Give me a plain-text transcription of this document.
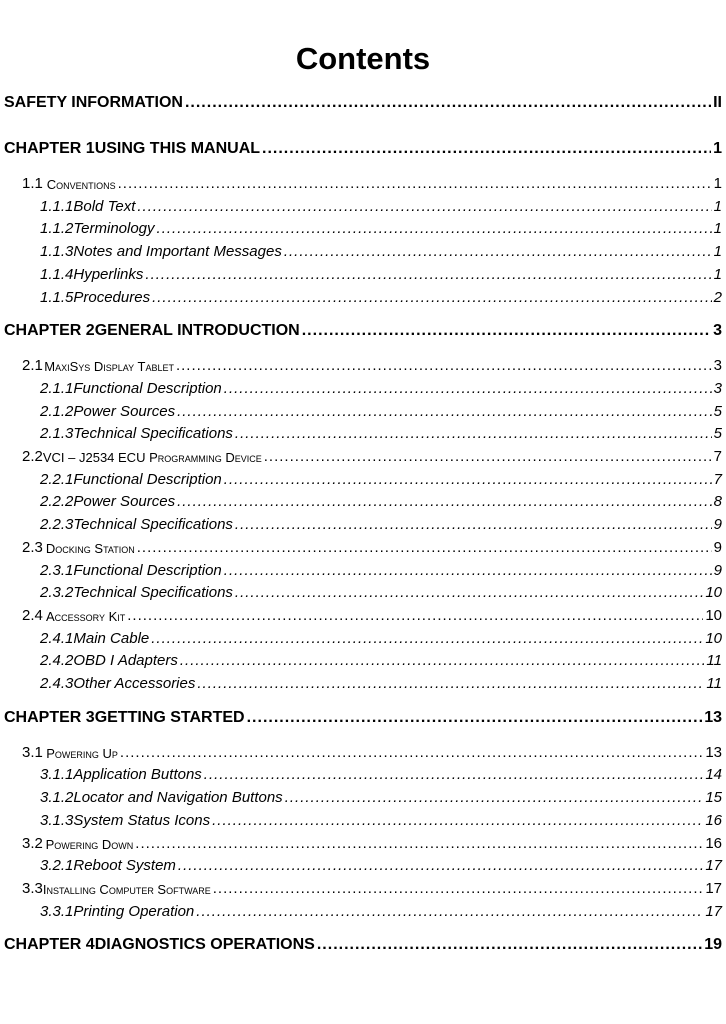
Contents
SAFETY INFORMATION .....	II
CHAPTER 1 USING THIS MANUAL .....	1
1.1 Conventions .....	1
1.1.1 Bold Text .....	1
1.1.2 Terminology .....	1
1.1.3 Notes and Important Messages .....	1
1.1.4 Hyperlinks .....	1
1.1.5 Procedures .....	2
CHAPTER 2 GENERAL INTRODUCTION .....	3
2.1 MaxiSys Display Tablet .....	3
2.1.1 Functional Description .....	3
2.1.2 Power Sources .....	5
2.1.3 Technical Specifications .....	5
2.2 VCI – J2534 ECU Programming Device .....	7
2.2.1 Functional Description .....	7
2.2.2 Power Sources .....	8
2.2.3 Technical Specifications .....	9
2.3 Docking Station .....	9
2.3.1 Functional Description .....	9
2.3.2 Technical Specifications .....	10
2.4 Accessory Kit .....	10
2.4.1 Main Cable .....	10
2.4.2 OBD I Adapters .....	11
2.4.3 Other Accessories .....	11
CHAPTER 3 GETTING STARTED .....	13
3.1 Powering Up .....	13
3.1.1 Application Buttons .....	14
3.1.2 Locator and Navigation Buttons .....	15
3.1.3 System Status Icons .....	16
3.2 Powering Down .....	16
3.2.1 Reboot System .....	17
3.3 Installing Computer Software .....	17
3.3.1 Printing Operation .....	17
CHAPTER 4 DIAGNOSTICS OPERATIONS .....	19
